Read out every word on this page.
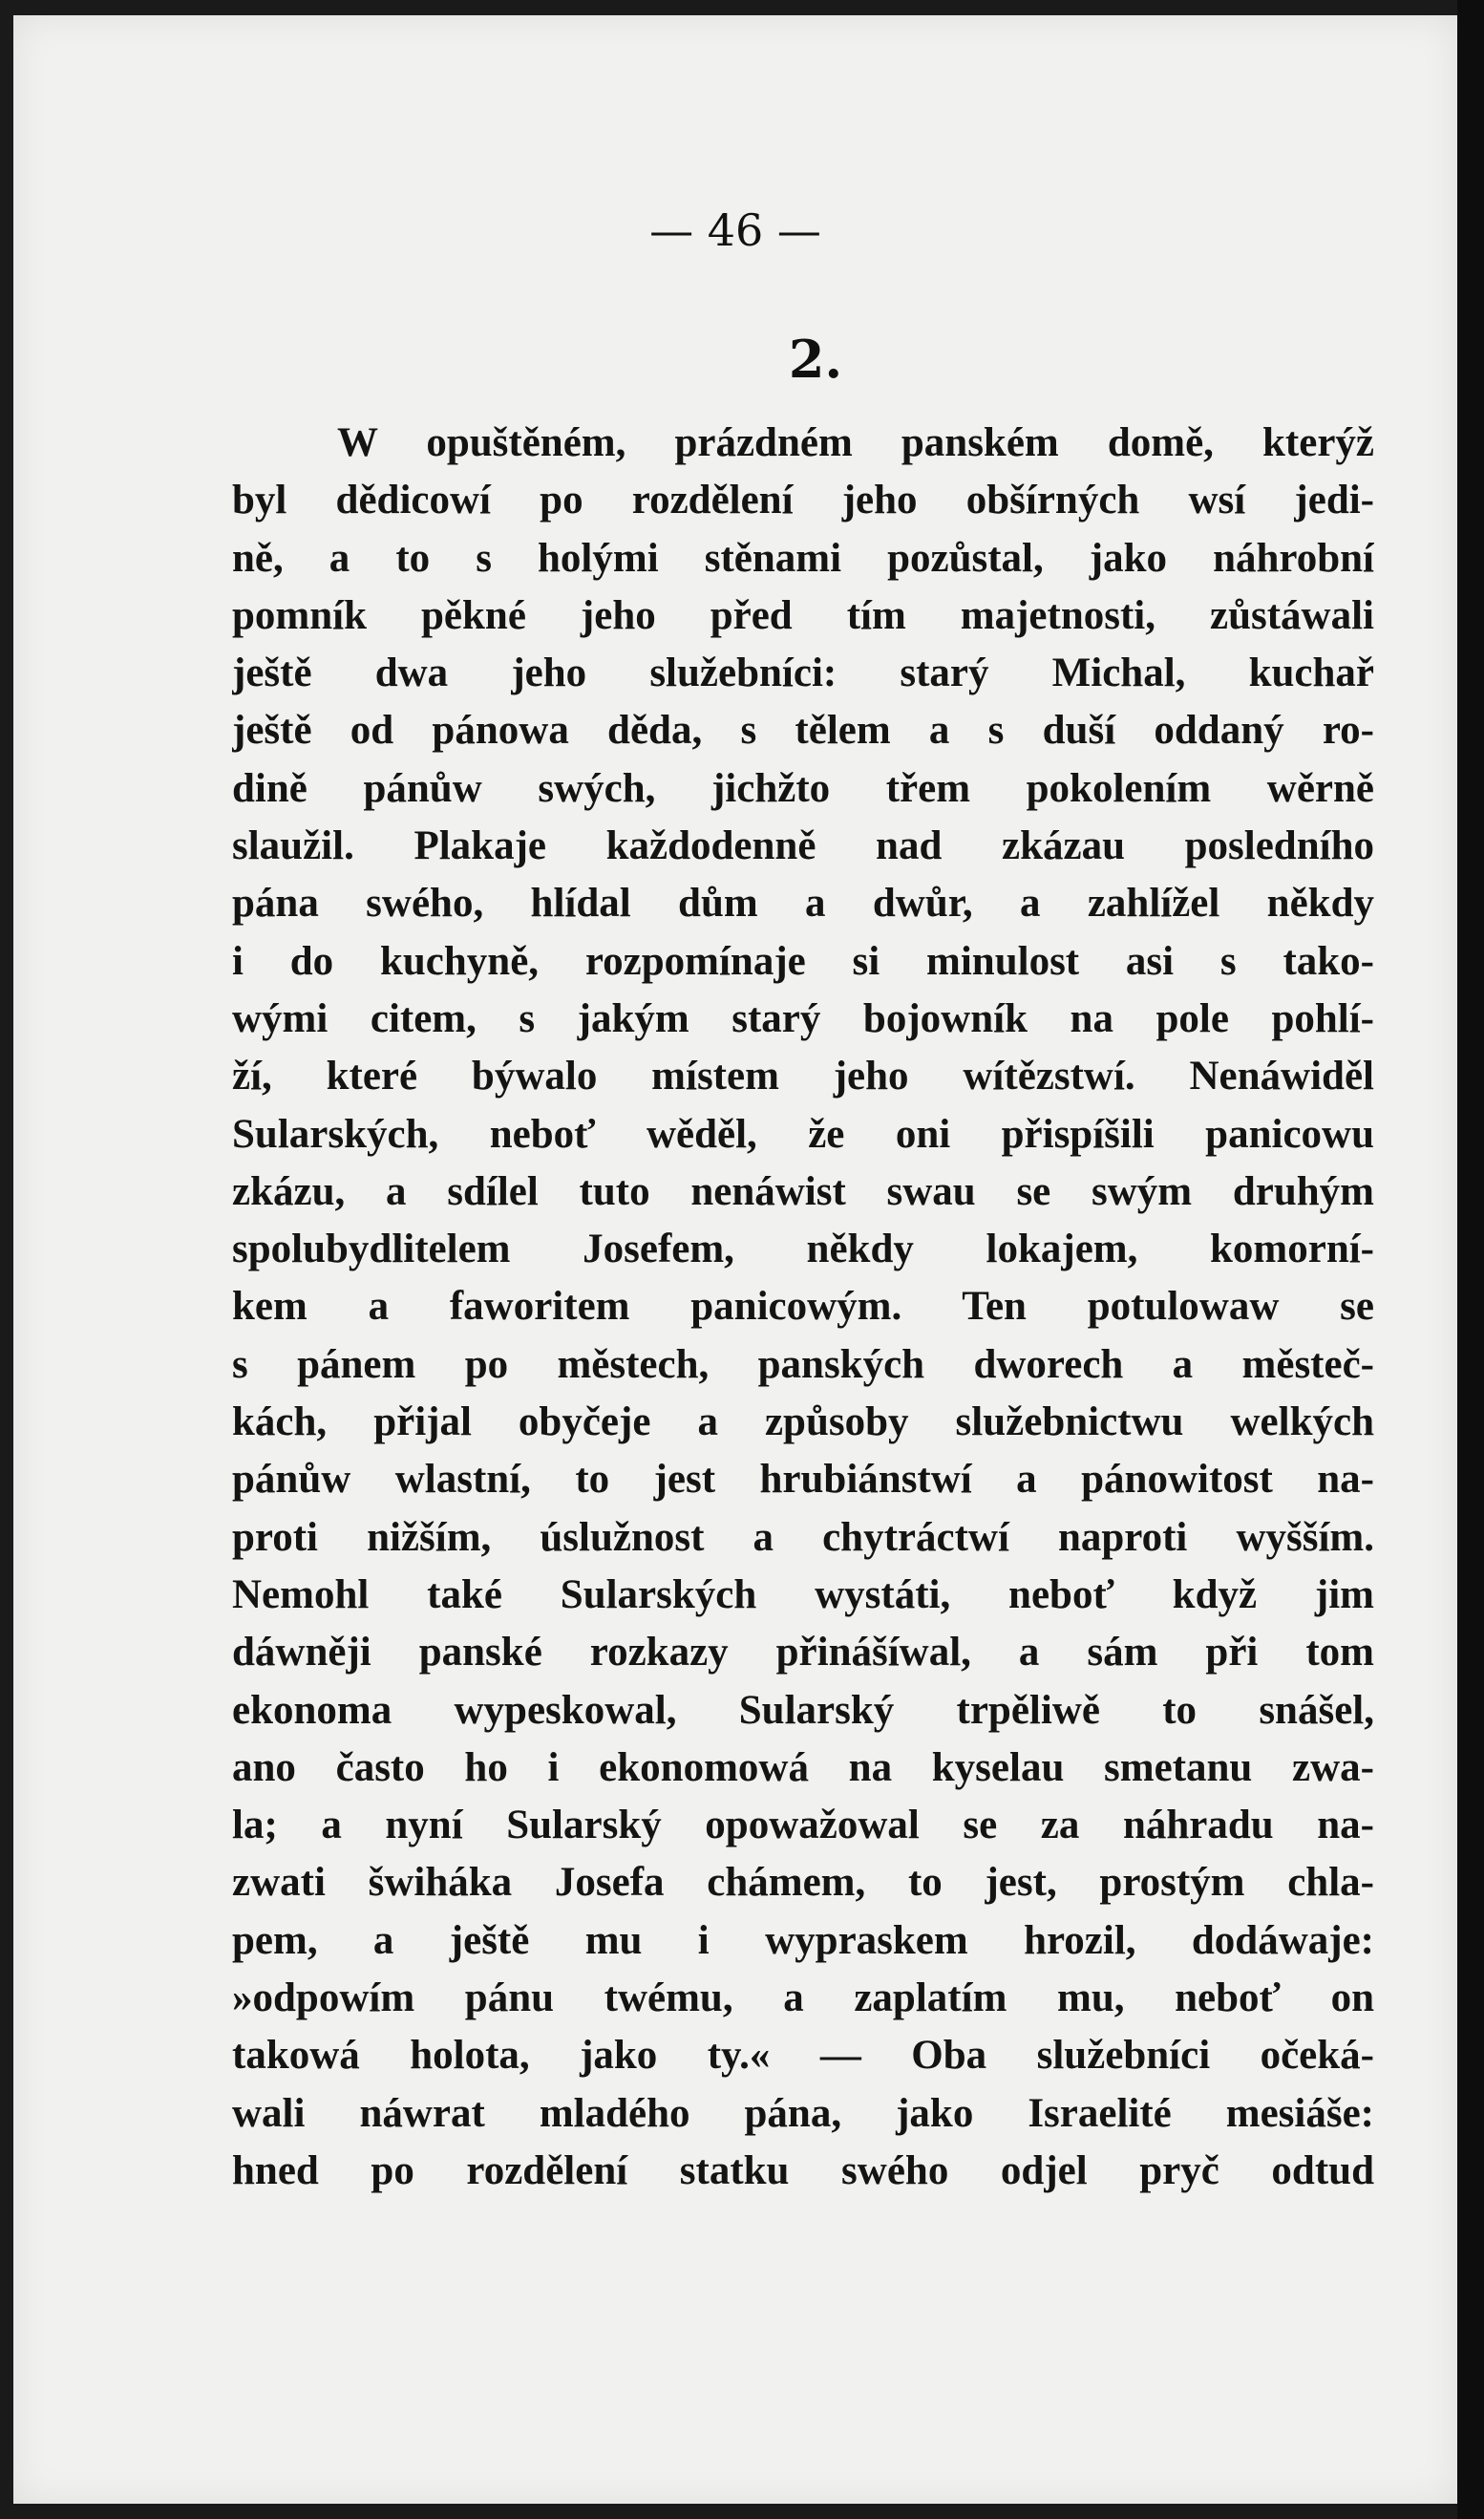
— 46 —
2.
W opuštěném, prázdném panském domě, kterýž
byl dědicowí po rozdělení jeho obšírných wsí jedi-
ně, a to s holými stěnami pozůstal, jako náhrobní
pomník pěkné jeho před tím majetnosti, zůstáwali
ještě dwa jeho služebníci: starý Michal, kuchař
ještě od pánowa děda, s tělem a s duší oddaný ro-
dině pánůw swých, jichžto třem pokolením wěrně
slaužil. Plakaje každodenně nad zkázau posledního
pána swého, hlídal dům a dwůr, a zahlížel někdy
i do kuchyně, rozpomínaje si minulost asi s tako-
wými citem, s jakým starý bojowník na pole pohlí-
ží, které býwalo místem jeho wítězstwí. Nenáwiděl
Sularských, neboť wěděl, že oni přispíšili panicowu
zkázu, a sdílel tuto nenáwist swau se swým druhým
spolubydlitelem Josefem, někdy lokajem, komorní-
kem a faworitem panicowým. Ten potulowaw se
s pánem po městech, panských dworech a městeč-
kách, přijal obyčeje a způsoby služebnictwu welkých
pánůw wlastní, to jest hrubiánstwí a pánowitost na-
proti nižším, úslužnost a chytráctwí naproti wyšším.
Nemohl také Sularských wystáti, neboť když jim
dáwněji panské rozkazy přinášíwal, a sám při tom
ekonoma wypeskowal, Sularský trpěliwě to snášel,
ano často ho i ekonomowá na kyselau smetanu zwa-
la; a nyní Sularský opowažowal se za náhradu na-
zwati šwiháka Josefa chámem, to jest, prostým chla-
pem, a ještě mu i wypraskem hrozil, dodáwaje:
»odpowím pánu twému, a zaplatím mu, neboť on
takowá holota, jako ty.« — Oba služebníci očeká-
wali náwrat mladého pána, jako Israelité mesiáše:
hned po rozdělení statku swého odjel pryč odtud
